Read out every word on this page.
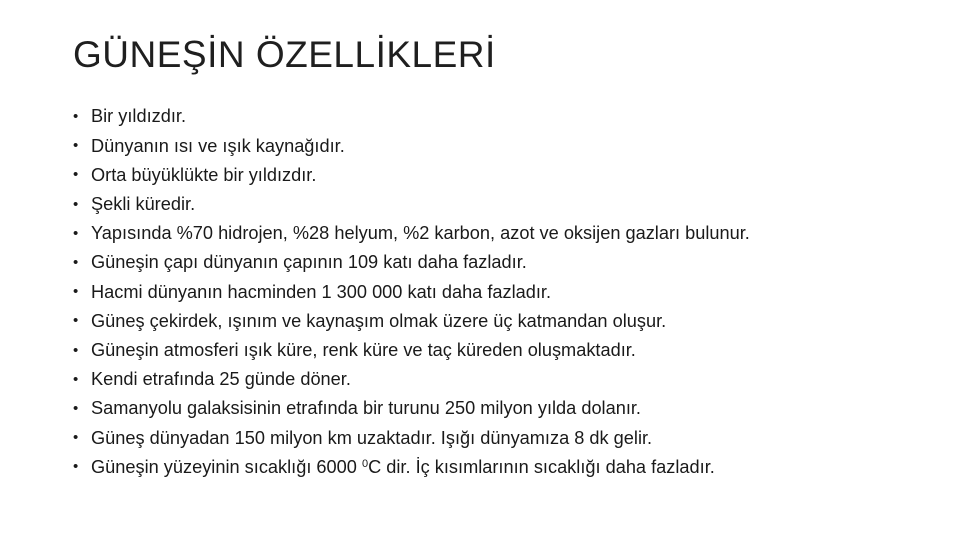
GÜNEŞİN ÖZELLİKLERİ
• Bir yıldızdır.
• Dünyanın ısı ve ışık kaynağıdır.
• Orta büyüklükte bir yıldızdır.
• Şekli küredir.
• Yapısında %70 hidrojen, %28 helyum, %2 karbon, azot ve oksijen gazları bulunur.
• Güneşin çapı dünyanın çapının 109 katı daha fazladır.
• Hacmi dünyanın hacminden 1 300 000 katı daha fazladır.
• Güneş çekirdek, ışınım ve kaynaşım olmak üzere üç katmandan oluşur.
• Güneşin atmosferi ışık küre, renk küre ve taç küreden oluşmaktadır.
• Kendi etrafında 25 günde döner.
• Samanyolu galaksisinin etrafında bir turunu 250 milyon yılda dolanır.
• Güneş dünyadan 150 milyon km uzaktadır. Işığı dünyamıza 8 dk gelir.
• Güneşin yüzeyinin sıcaklığı 6000 $^0$C dir. İç kısımlarının sıcaklığı daha fazladır.
